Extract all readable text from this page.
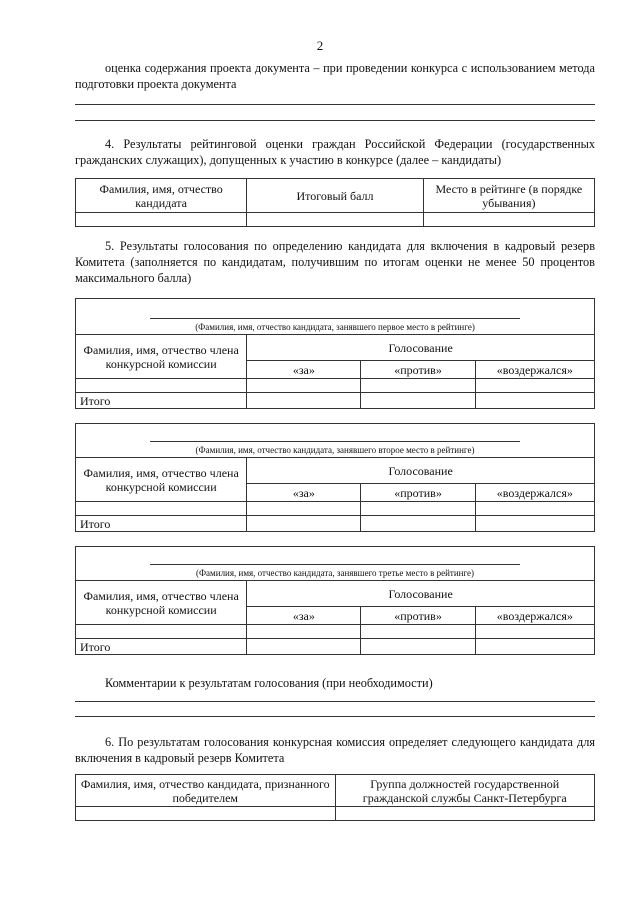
2
оценка содержания проекта документа – при проведении конкурса с использованием метода подготовки проекта документа
4. Результаты рейтинговой оценки граждан Российской Федерации (государственных гражданских служащих), допущенных к участию в конкурсе (далее – кандидаты)
Фамилия, имя, отчество кандидата	Итоговый балл	Место в рейтинге (в порядке убывания)

5. Результаты голосования по определению кандидата для включения в кадровый резерв Комитета (заполняется по кандидатам, получившим по итогам оценки не менее 50 процентов максимального балла)
(Фамилия, имя, отчество кандидата, занявшего первое место в рейтинге)			

Фамилия, имя, отчество члена конкурсной комиссии	Голосование		
	«за»	«против»	«воздержался»

Итого			
(Фамилия, имя, отчество кандидата, занявшего второе место в рейтинге)			

Фамилия, имя, отчество члена конкурсной комиссии	Голосование		
	«за»	«против»	«воздержался»

Итого			
(Фамилия, имя, отчество кандидата, занявшего третье место в рейтинге)			

Фамилия, имя, отчество члена конкурсной комиссии	Голосование		
	«за»	«против»	«воздержался»

Итого			
Комментарии к результатам голосования (при необходимости)
6. По результатам голосования конкурсная комиссия определяет следующего кандидата для включения в кадровый резерв Комитета
Фамилия, имя, отчество кандидата, признанного победителем	Группа должностей государственной гражданской службы Санкт-Петербурга
